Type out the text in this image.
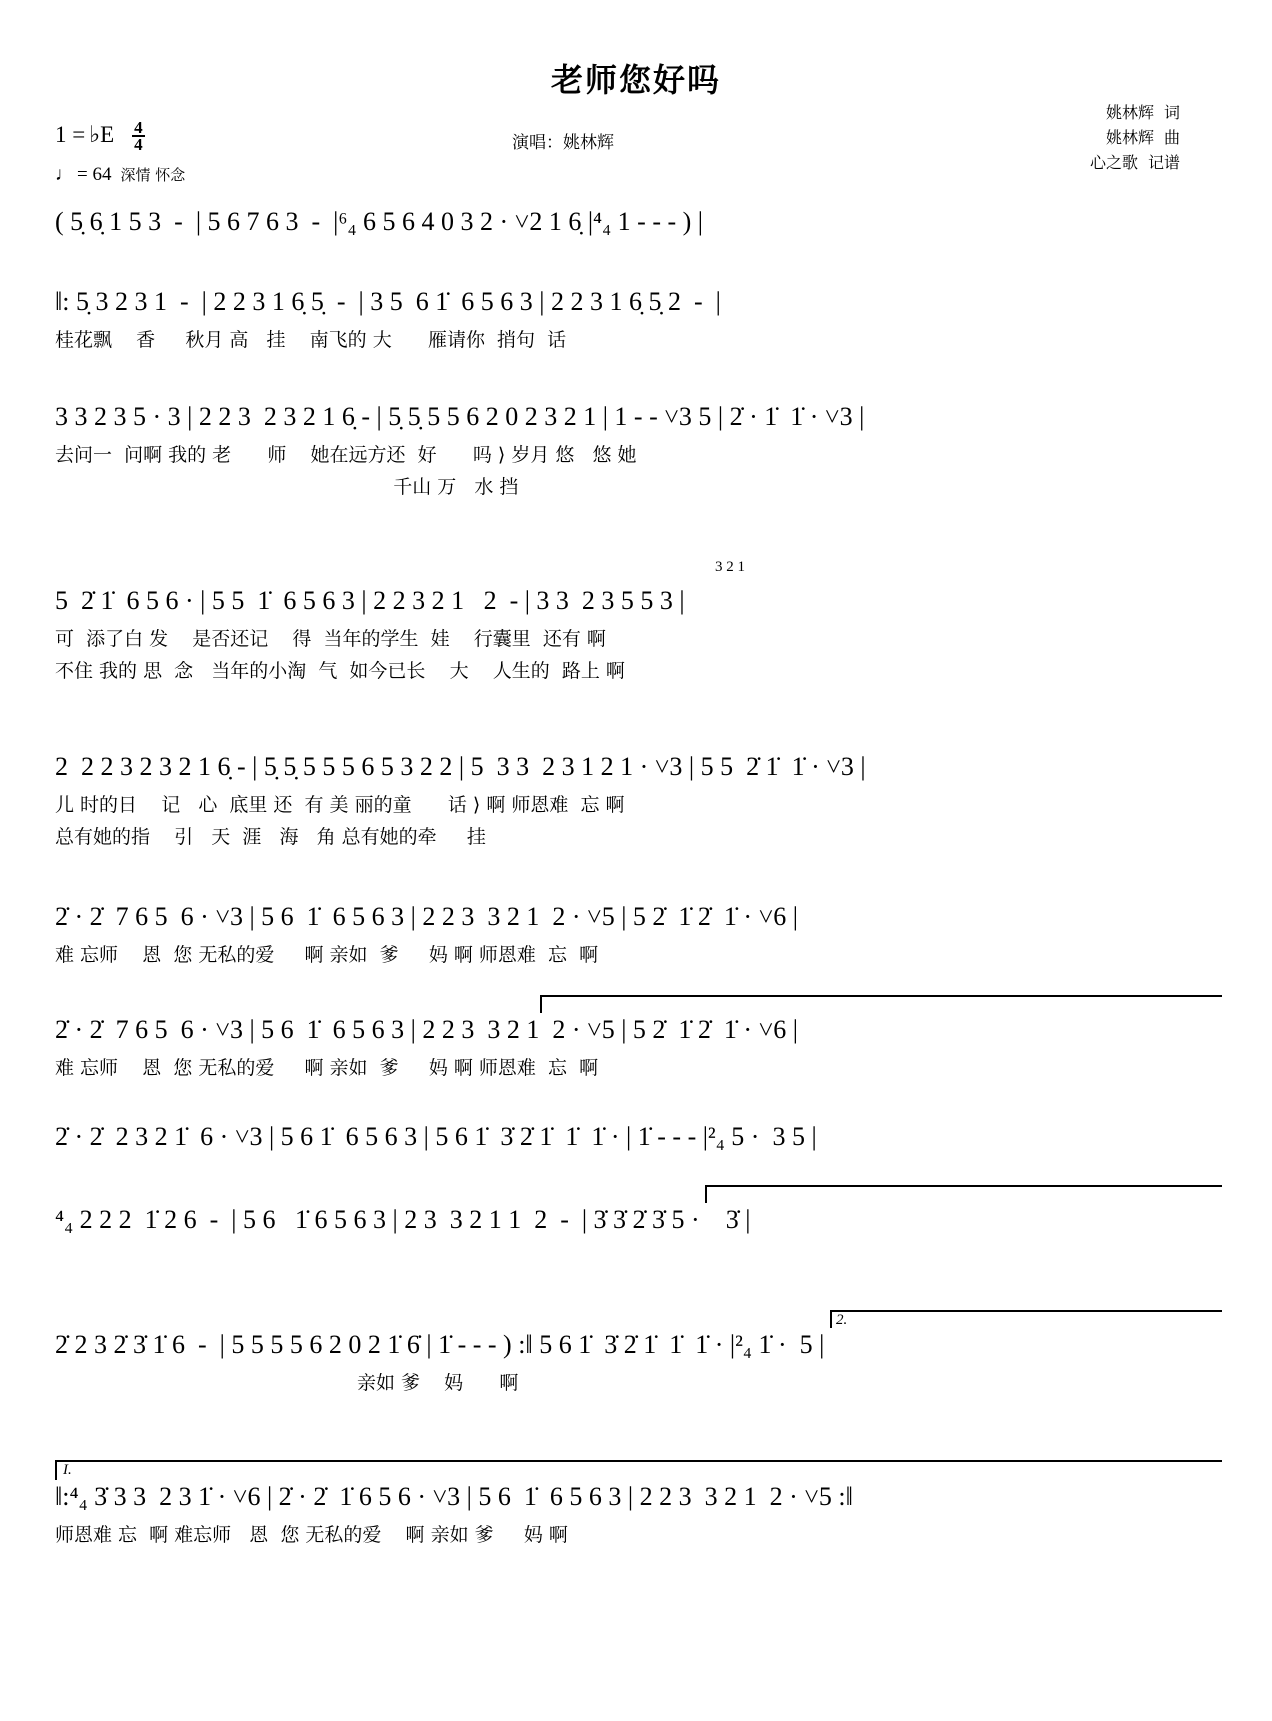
老师您好吗
演唱：姚林辉
姚林辉 词
姚林辉 曲
心之歌 记谱
1 = ♭E 4
4
♩ = 64 深情 怀念
( 5̣ 6̣ 1 5 3  -  | 5 6 7 6 3  -  |⁶₄ 6 5 6 4 0 3 2 · ˅2 1 6̣ |⁴₄ 1 - - - ) |
‖: 5̣ 3 2 3 1  -  | 2 2 3 1 6̣ 5̣  -  | 3 5  6 1̇  6 5 6 3 | 2 2 3 1 6̣ 5̣ 2  -  |
桂花飘    香     秋月 高   挂    南飞的 大      雁请你  捎句  话
3 3 2 3 5 · 3 | 2 2 3  2 3 2 1 6̣ - | 5̣ 5̣ 5 5 6 2 0 2 3 2 1 | 1 - - ˅3 5 | 2̇ · 1̇  1̇ · ˅3 |
去问一  问啊 我的 老      师    她在远方还  好      吗 ⟩ 岁月 悠   悠 她
千山 万   水 挡
3 2 1
5  2̇ 1̇  6 5 6 · | 5 5  1̇  6 5 6 3 | 2 2 3 2 1   2  - | 3 3  2 3 5 5 3 |
可  添了白 发    是否还记    得  当年的学生  娃    行囊里  还有 啊
不住 我的 思  念   当年的小淘  气  如今已长    大    人生的  路上 啊
2  2 2 3 2 3 2 1 6̣ - | 5̣ 5̣ 5 5 5 6 5 3 2 2 | 5  3 3  2 3 1 2 1 · ˅3 | 5 5  2̇ 1̇  1̇ · ˅3 |
儿 时的日    记   心  底里 还  有 美 丽的童      话 ⟩ 啊 师恩难  忘 啊
总有她的指    引   天  涯   海   角 总有她的牵     挂
2̇ · 2̇  7 6 5  6 · ˅3 | 5 6  1̇  6 5 6 3 | 2 2 3  3 2 1  2 · ˅5 | 5 2̇  1̇ 2̇  1̇ · ˅6 |
难 忘师    恩  您 无私的爱     啊 亲如  爹     妈 啊 师恩难  忘  啊
2̇ · 2̇  7 6 5  6 · ˅3 | 5 6  1̇  6 5 6 3 | 2 2 3  3 2 1  2 · ˅5 | 5 2̇  1̇ 2̇  1̇ · ˅6 |
难 忘师    恩  您 无私的爱     啊 亲如  爹     妈 啊 师恩难  忘  啊
2̇ · 2̇  2 3 2 1̇  6 · ˅3 | 5 6 1̇  6 5 6 3 | 5 6 1̇  3̇ 2̇ 1̇  1̇  1̇ · | 1̇ - - - |²₄ 5 ·  3 5 |
⁴₄ 2 2 2  1̇ 2 6  -  | 5 6   1̇ 6 5 6 3 | 2 3  3 2 1 1  2  -  | 3̇ 3̇ 2̇ 3̇ 5 ·    3̇ |
2.
2̇ 2 3 2̇ 3̇ 1̇ 6  -  | 5 5 5 5 6 2 0 2 1̇ 6̇ | 1̇ - - - ) :‖ 5 6 1̇  3̇ 2̇ 1̇  1̇  1̇ · |²₄ 1̇ ·  5 |
亲如 爹    妈      啊
I.
‖:⁴₄ 3̇ 3 3  2 3 1̇ · ˅6 | 2̇ · 2̇  1̇ 6 5 6 · ˅3 | 5 6  1̇  6 5 6 3 | 2 2 3  3 2 1  2 · ˅5 :‖
师恩难 忘  啊 难忘师   恩  您 无私的爱    啊 亲如 爹     妈 啊
